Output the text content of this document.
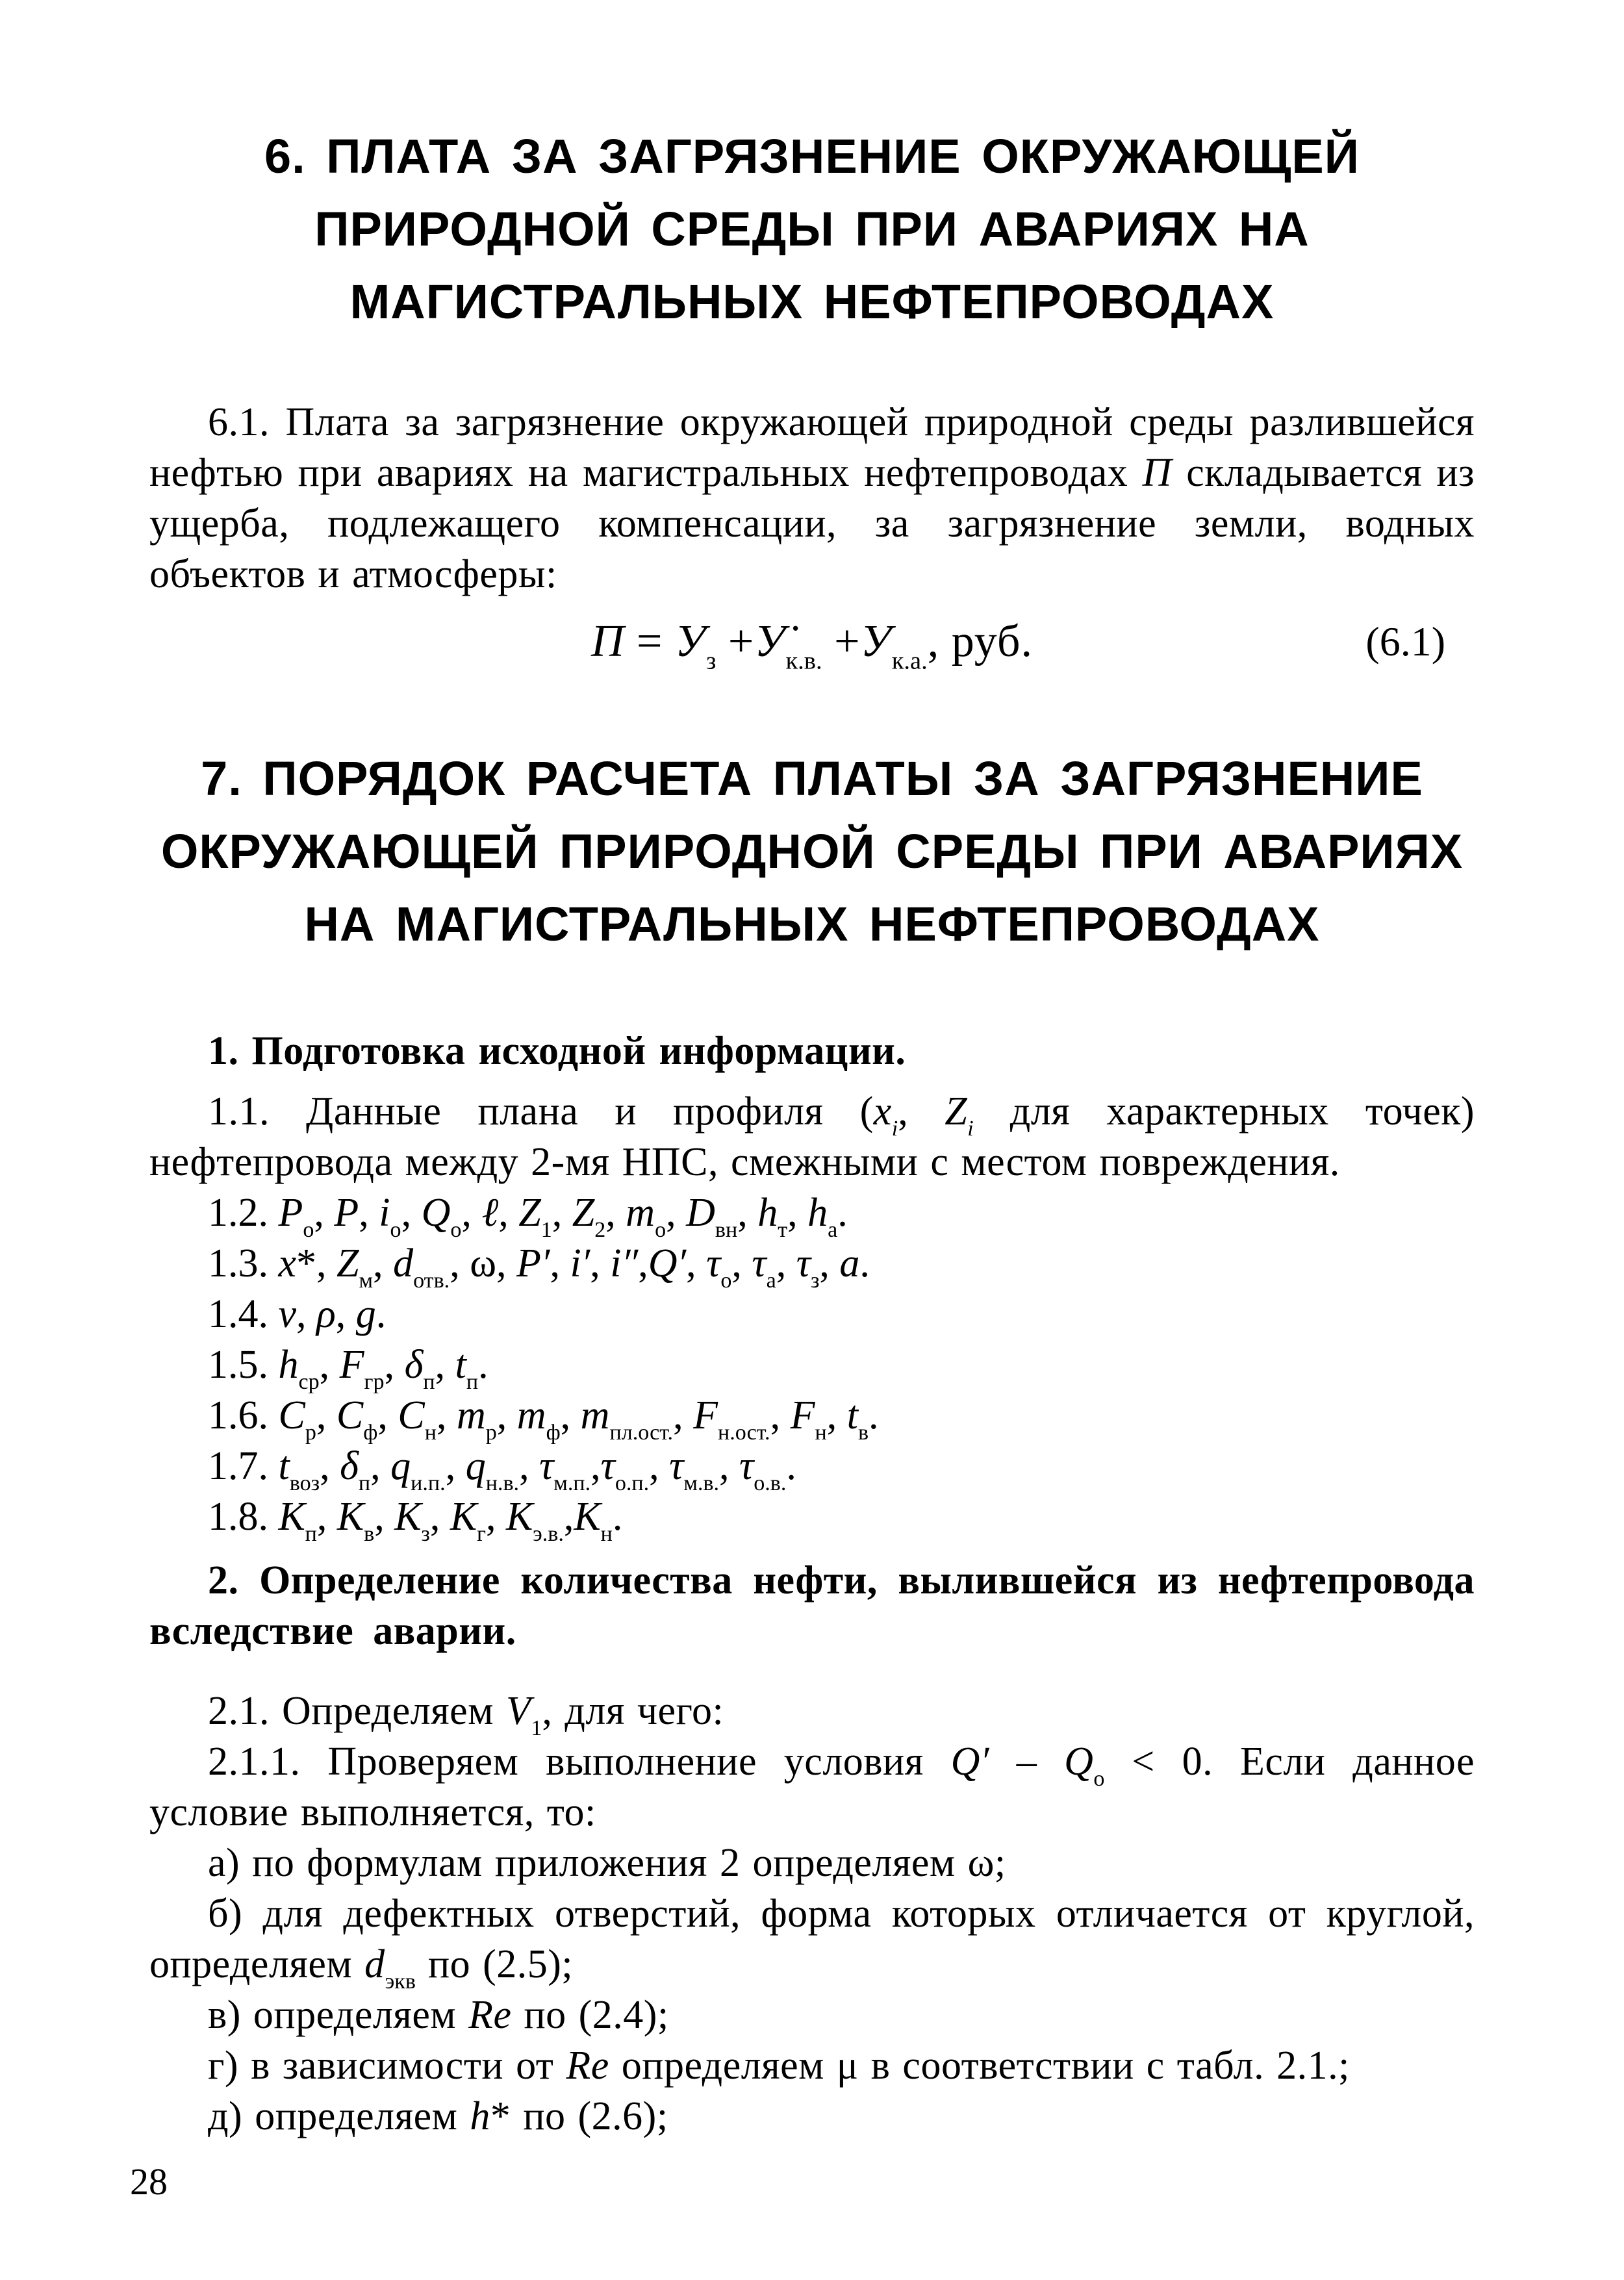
6. ПЛАТА ЗА ЗАГРЯЗНЕНИЕ ОКРУЖАЮЩЕЙ
ПРИРОДНОЙ СРЕДЫ ПРИ АВАРИЯХ НА
МАГИСТРАЛЬНЫХ НЕФТЕПРОВОДАХ

6.1. Плата за загрязнение окружающей природной среды разлившейся нефтью при авариях на магистральных нефтепроводах П складывается из ущерба, подлежащего компенсации, за загрязнение земли, водных объектов и атмосферы:

$П = У_з$ $+У̇_{к.в.} +У_{к.а.}$, руб.	(6.1)
7. ПОРЯДОК РАСЧЕТА ПЛАТЫ ЗА ЗАГРЯЗНЕНИЕ
ОКРУЖАЮЩЕЙ ПРИРОДНОЙ СРЕДЫ ПРИ АВАРИЯХ
НА МАГИСТРАЛЬНЫХ НЕФТЕПРОВОДАХ

1. Подготовка исходной информации.

1.1. Данные плана и профиля ($x_i$, $Z_i$ для характерных точек) нефтепровода между 2-мя НПС, смежными с местом повреждения.

1.2. $P_о$, P, $i_о$, $Q_о$, ℓ, $Z_1$, $Z_2$, $m_о$, $D_{вн}$, $h_т$, $h_а$.

1.3. x*, $Z_м$, $d_{отв.}$, ω, P′, i′, i″,Q′, $\tau_о$, $\tau_а$, $\tau_з$, a.

1.4. ν, ρ, g.

1.5. $h_{ср}$, $F_{гр}$, $\delta_п$, $t_п$.

1.6. $C_р$, $C_ф$, $C_н$, $m_р$, $m_ф$, $m_{пл.ост.}$, $F_{н.ост.}$, $F_н$, $t_в$.

1.7. $t_{воз}$, $\delta_п$, $q_{и.п.}$, $q_{н.в.}$, $\tau_{м.п.},\tau_{о.п.}$, $\tau_{м.в.}$, $\tau_{о.в.}$.

1.8. $К_п$, $К_в$, $К_з$, $К_г$, $К_{э.в.},К_н$.

2. Определение количества нефти, вылившейся из нефтепровода вследствие аварии.

2.1. Определяем $V_1$, для чего:

2.1.1. Проверяем выполнение условия $Q' - Q_о < 0$. Если данное условие выполняется, то:

а) по формулам приложения 2 определяем ω;

б) для дефектных отверстий, форма которых отличается от круглой, определяем $d_{экв}$ по (2.5);

в) определяем Re по (2.4);

г) в зависимости от Re определяем μ в соответствии с табл. 2.1.;

д) определяем h* по (2.6);

28
